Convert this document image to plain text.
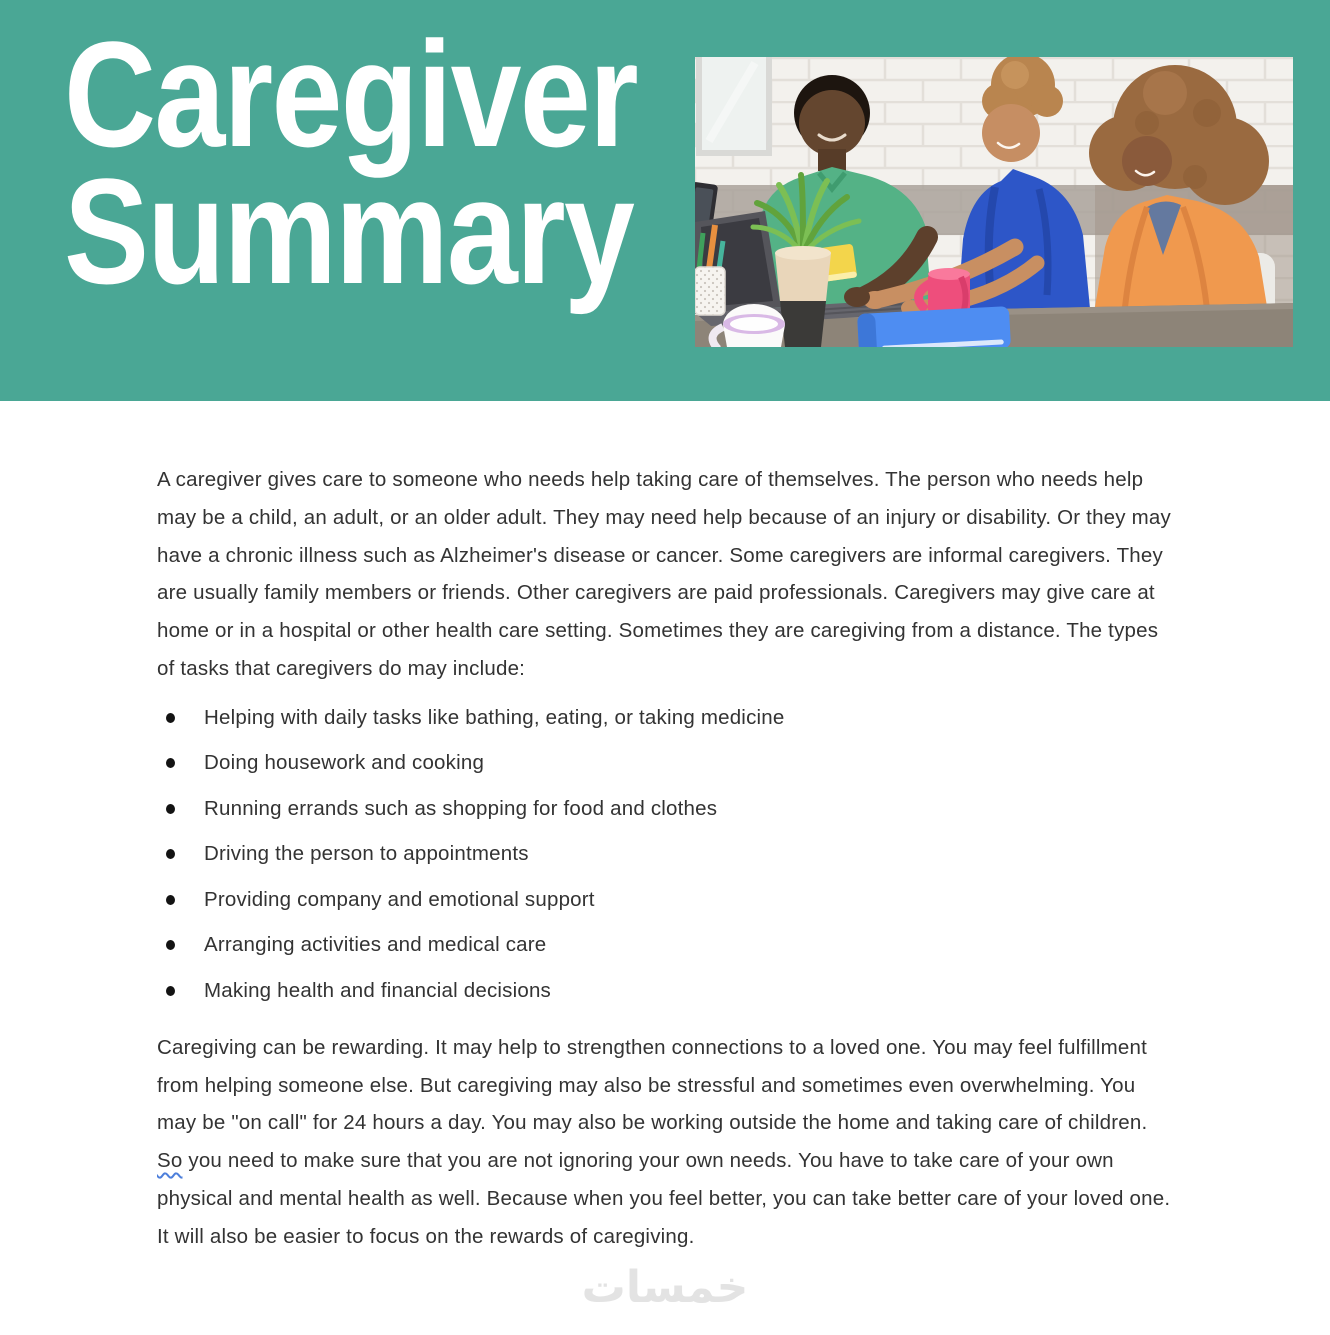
Caregiver
Summary

A caregiver gives care to someone who needs help taking care of themselves. The person who needs help may be a child, an adult, or an older adult. They may need help because of an injury or disability. Or they may have a chronic illness such as Alzheimer's disease or cancer. Some caregivers are informal caregivers. They are usually family members or friends. Other caregivers are paid professionals. Caregivers may give care at home or in a hospital or other health care setting. Sometimes they are caregiving from a distance. The types of tasks that caregivers do may include:

Helping with daily tasks like bathing, eating, or taking medicine
Doing housework and cooking
Running errands such as shopping for food and clothes
Driving the person to appointments
Providing company and emotional support
Arranging activities and medical care
Making health and financial decisions

Caregiving can be rewarding. It may help to strengthen connections to a loved one. You may feel fulfillment from helping someone else. But caregiving may also be stressful and sometimes even overwhelming. You may be "on call" for 24 hours a day. You may also be working outside the home and taking care of children. So you need to make sure that you are not ignoring your own needs. You have to take care of your own physical and mental health as well. Because when you feel better, you can take better care of your loved one. It will also be easier to focus on the rewards of caregiving.

خمسات
